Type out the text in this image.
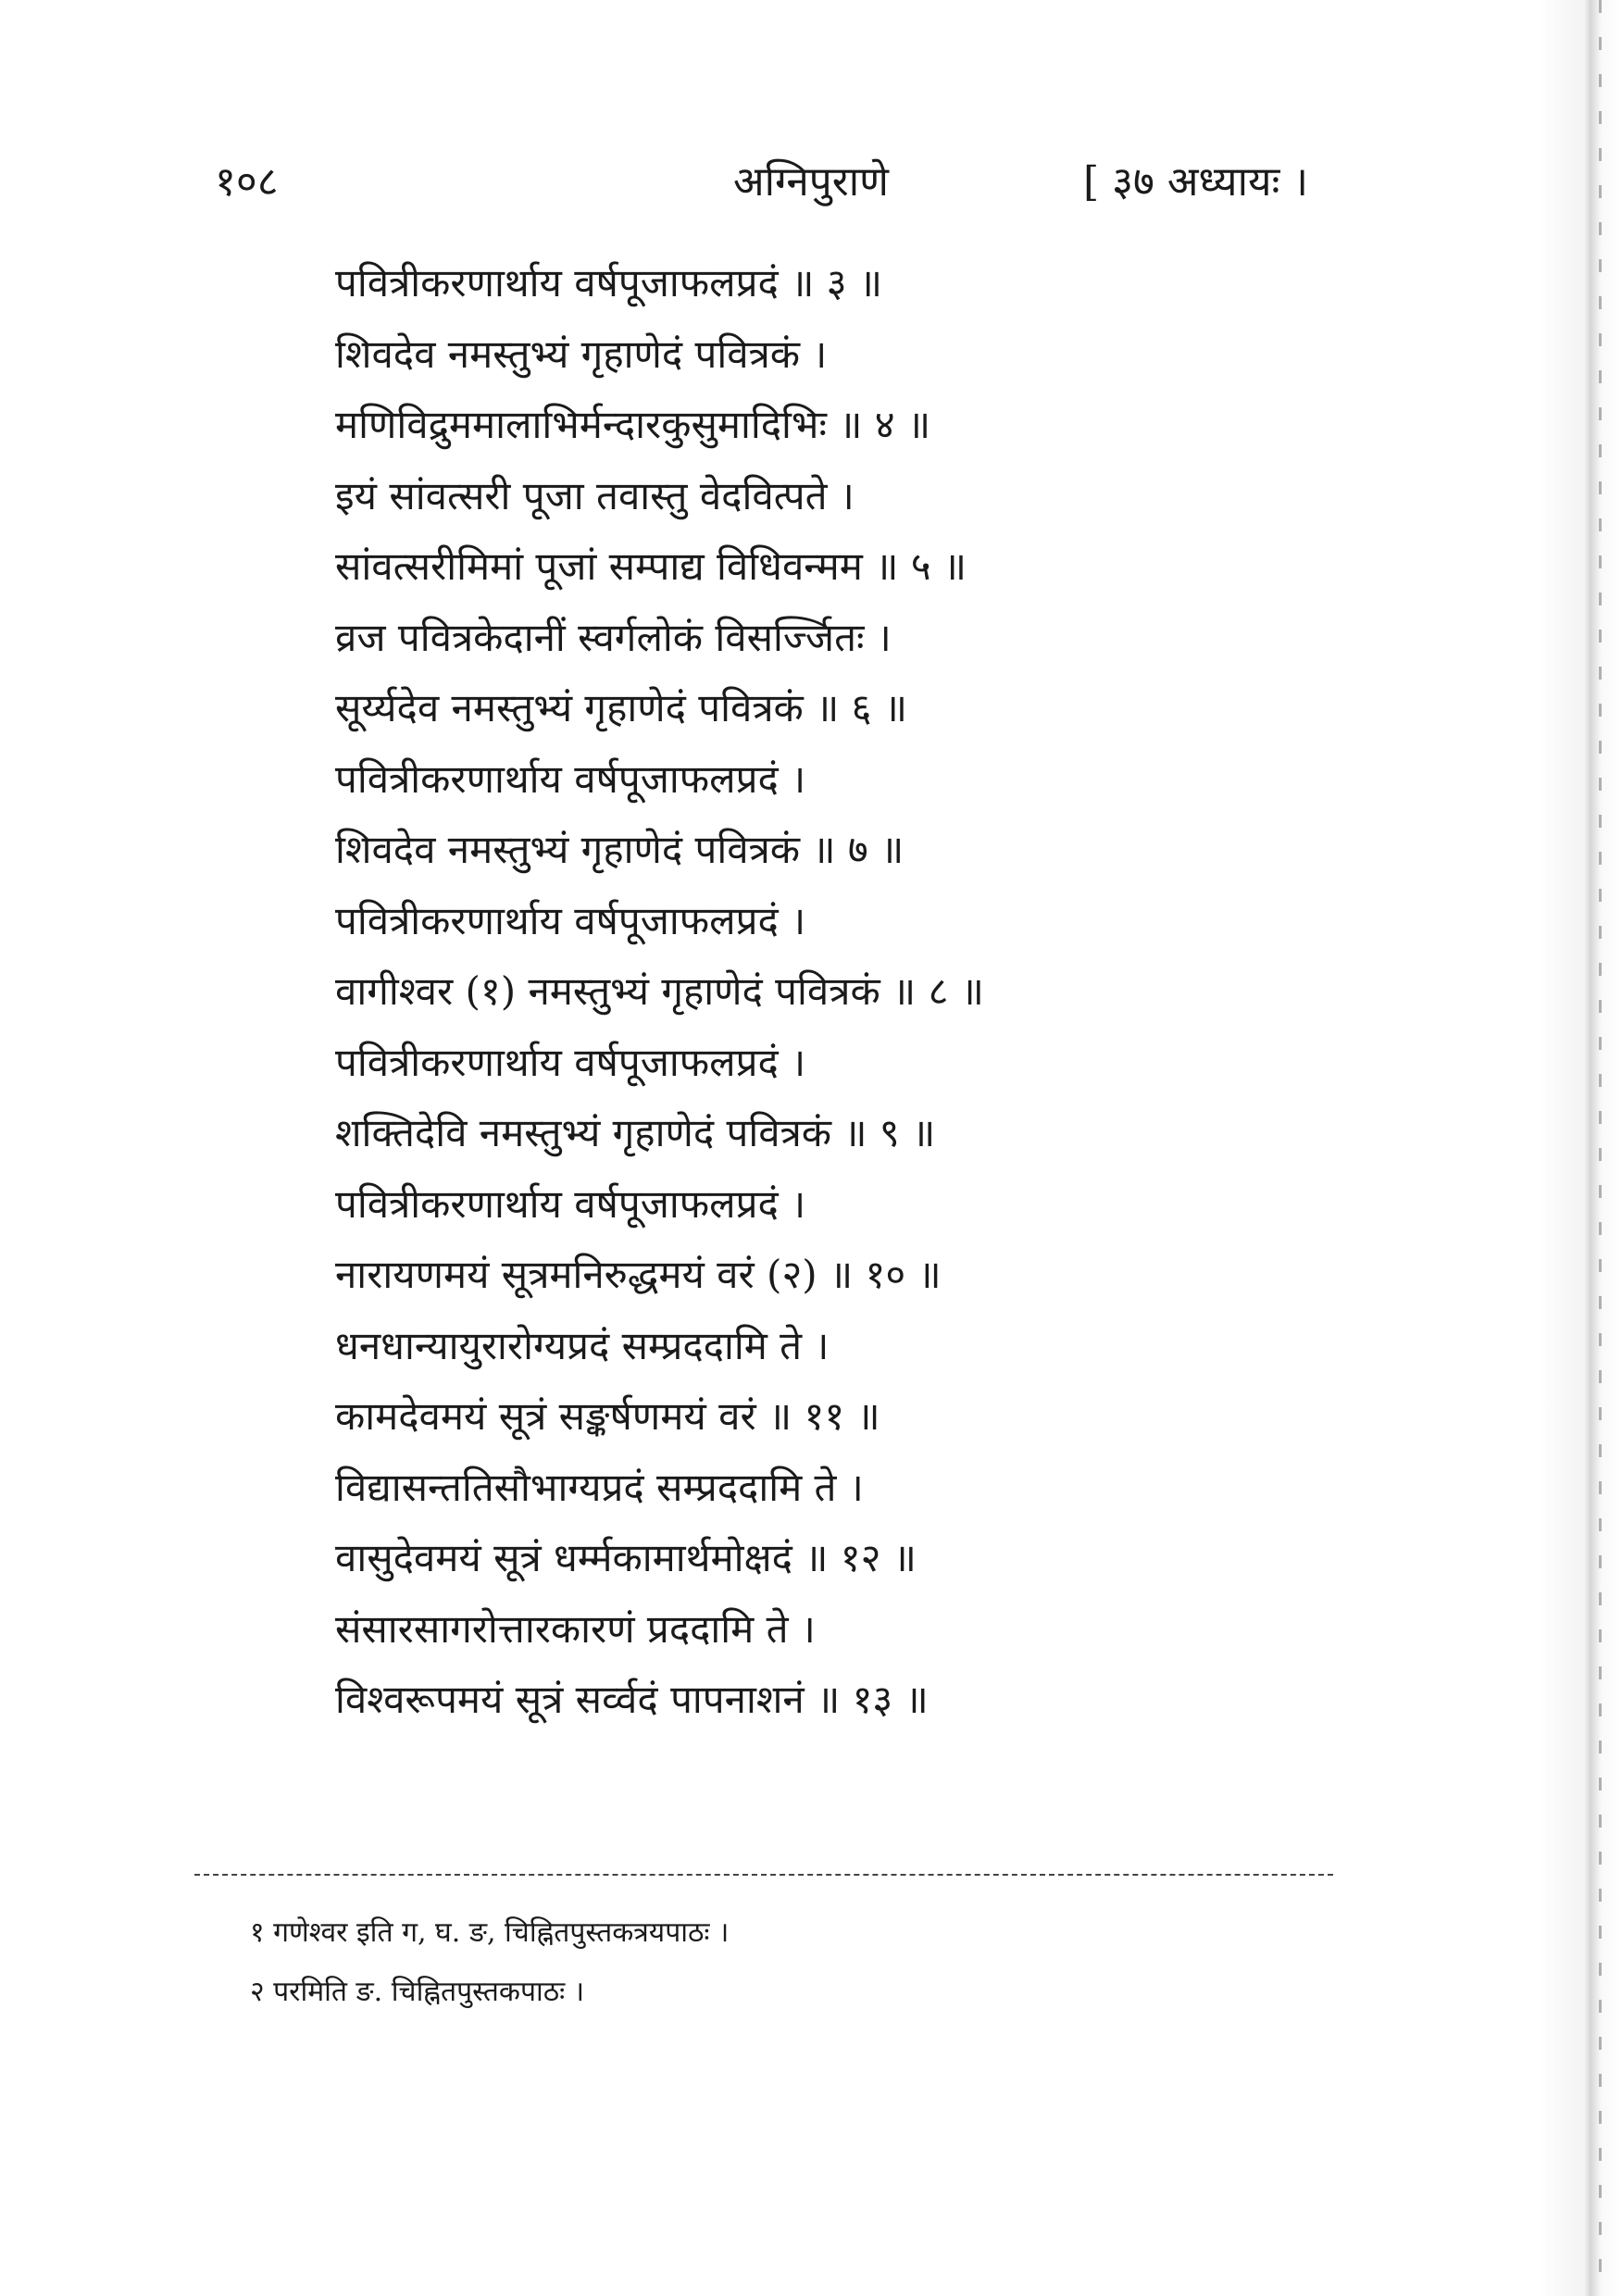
१०८	अग्निपुराणे	[ ३७ अध्यायः ।
पवित्रीकरणार्थाय वर्षपूजाफलप्रदं ॥ ३ ॥
शिवदेव नमस्तुभ्यं गृहाणेदं पवित्रकं ।
मणिविद्रुममालाभिर्मन्दारकुसुमादिभिः ॥ ४ ॥
इयं सांवत्सरी पूजा तवास्तु वेदवित्पते ।
सांवत्सरीमिमां पूजां सम्पाद्य विधिवन्मम ॥ ५ ॥
व्रज पवित्रकेदानीं स्वर्गलोकं विसर्ज्जितः ।
सूर्य्यदेव नमस्तुभ्यं गृहाणेदं पवित्रकं ॥ ६ ॥
पवित्रीकरणार्थाय वर्षपूजाफलप्रदं ।
शिवदेव नमस्तुभ्यं गृहाणेदं पवित्रकं ॥ ७ ॥
पवित्रीकरणार्थाय वर्षपूजाफलप्रदं ।
वागीश्वर (१) नमस्तुभ्यं गृहाणेदं पवित्रकं ॥ ८ ॥
पवित्रीकरणार्थाय वर्षपूजाफलप्रदं ।
शक्तिदेवि नमस्तुभ्यं गृहाणेदं पवित्रकं ॥ ९ ॥
पवित्रीकरणार्थाय वर्षपूजाफलप्रदं ।
नारायणमयं सूत्रमनिरुद्धमयं वरं (२) ॥ १० ॥
धनधान्यायुरारोग्यप्रदं सम्प्रददामि ते ।
कामदेवमयं सूत्रं सङ्कर्षणमयं वरं ॥ ११ ॥
विद्यासन्ततिसौभाग्यप्रदं सम्प्रददामि ते ।
वासुदेवमयं सूत्रं धर्म्मकामार्थमोक्षदं ॥ १२ ॥
संसारसागरोत्तारकारणं प्रददामि ते ।
विश्वरूपमयं सूत्रं सर्व्वदं पापनाशनं ॥ १३ ॥
१ गणेश्वर इति ग, घ. ङ, चिह्नितपुस्तकत्रयपाठः ।
२ परमिति ङ. चिह्नितपुस्तकपाठः ।
